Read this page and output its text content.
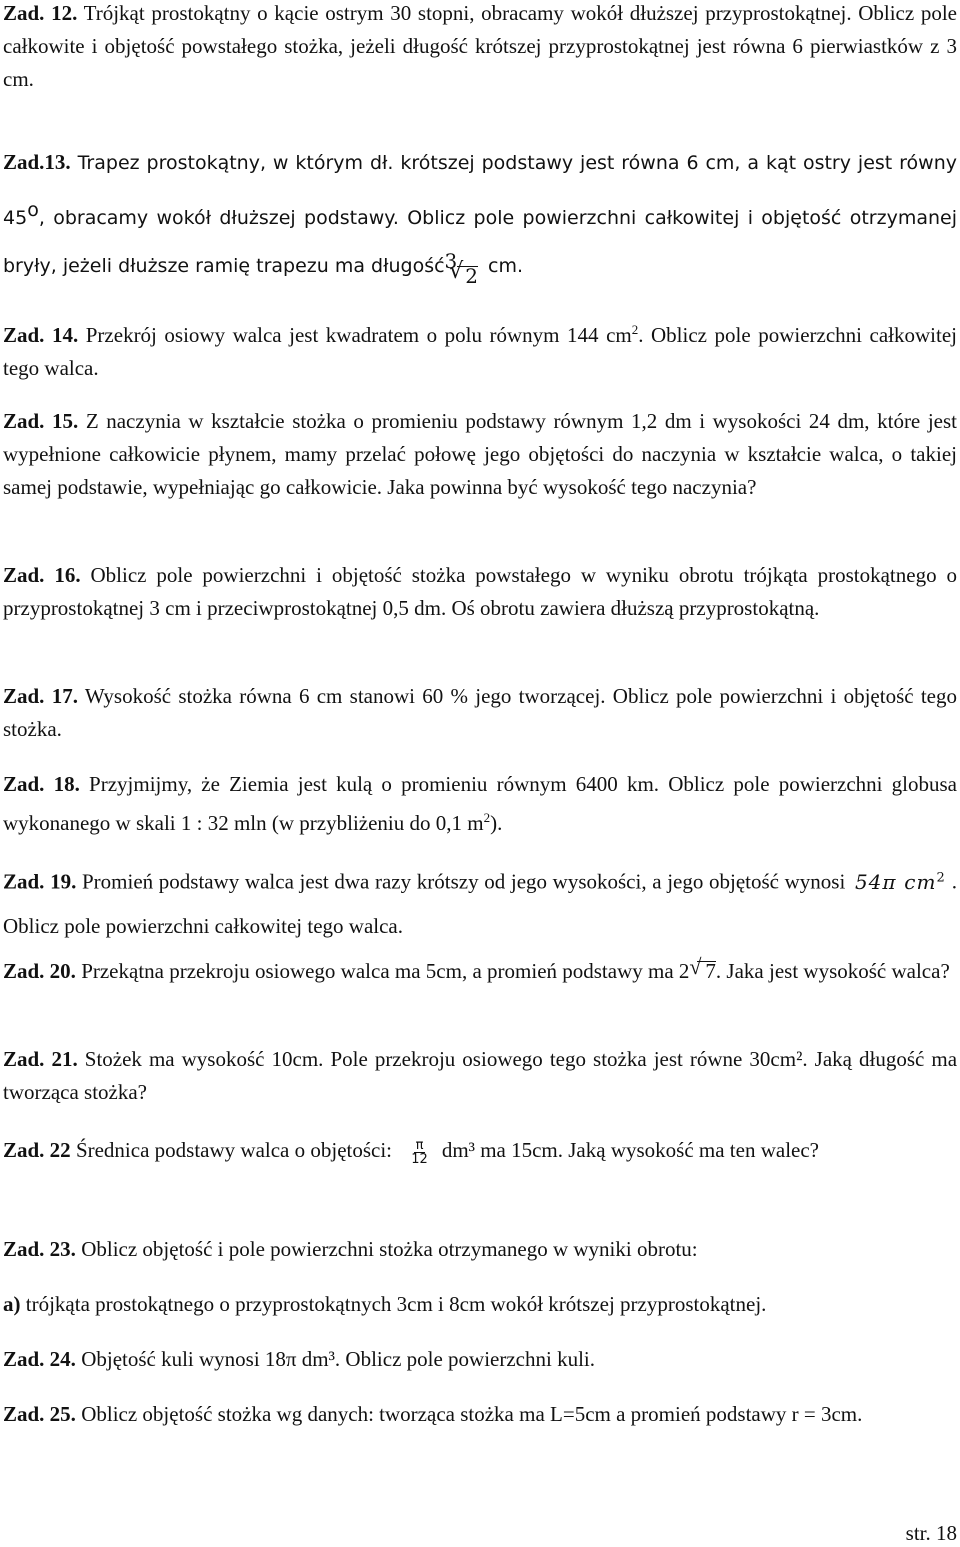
Zad. 12. Trójkąt prostokątny o kącie ostrym 30 stopni, obracamy wokół dłuższej przyprostokątnej. Oblicz pole całkowite i objętość powstałego stożka, jeżeli długość krótszej przyprostokątnej jest równa 6 pierwiastków z 3 cm.

Zad.13. Trapez prostokątny, w którym dł. krótszej podstawy jest równa 6 cm, a kąt ostry jest równy 45$^o$, obracamy wokół dłuższej podstawy. Oblicz pole powierzchni całkowitej i objętość otrzymanej bryły, jeżeli dłuższe ramię trapezu ma długość 3
√ 2 cm.

Zad. 14. Przekrój osiowy walca jest kwadratem o polu równym 144 $cm^2$. Oblicz pole powierzchni całkowitej tego walca.

Zad. 15. Z naczynia w kształcie stożka o promieniu podstawy równym 1,2 dm i wysokości 24 dm, które jest wypełnione całkowicie płynem, mamy przelać połowę jego objętości do naczynia w kształcie walca, o takiej samej podstawie, wypełniając go całkowicie. Jaka powinna być wysokość tego naczynia?

Zad. 16. Oblicz pole powierzchni i objętość stożka powstałego w wyniku obrotu trójkąta prostokątnego o przyprostokątnej 3 cm i przeciwprostokątnej 0,5 dm. Oś obrotu zawiera dłuższą przyprostokątną.

Zad. 17. Wysokość stożka równa 6 cm stanowi 60 % jego tworzącej. Oblicz pole powierzchni i objętość tego stożka.

Zad. 18. Przyjmijmy, że Ziemia jest kulą o promieniu równym 6400 km. Oblicz pole powierzchni globusa wykonanego w skali 1 : 32 mln (w przybliżeniu do 0,1 $m^2$).

Zad. 19. Promień podstawy walca jest dwa razy krótszy od jego wysokości, a jego objętość wynosi 54π $cm^2$ . Oblicz pole powierzchni całkowitej tego walca.

Zad. 20. Przekątna przekroju osiowego walca ma 5cm, a promień podstawy ma 2√ 7. Jaka jest wysokość walca?

Zad. 21. Stożek ma wysokość 10cm. Pole przekroju osiowego tego stożka jest równe 30cm². Jaką długość ma tworząca stożka?

Zad. 22 Średnica podstawy walca o objętości: $\frac{\pi}{12} dm^3$ ma 15cm. Jaką wysokość ma ten walec?

Zad. 23. Oblicz objętość i pole powierzchni stożka otrzymanego w wyniki obrotu:

a) trójkąta prostokątnego o przyprostokątnych 3cm i 8cm wokół krótszej przyprostokątnej.

Zad. 24. Objętość kuli wynosi 18π dm³. Oblicz pole powierzchni kuli.

Zad. 25. Oblicz objętość stożka wg danych: tworząca stożka ma L=5cm a promień podstawy r = 3cm.

str. 18
